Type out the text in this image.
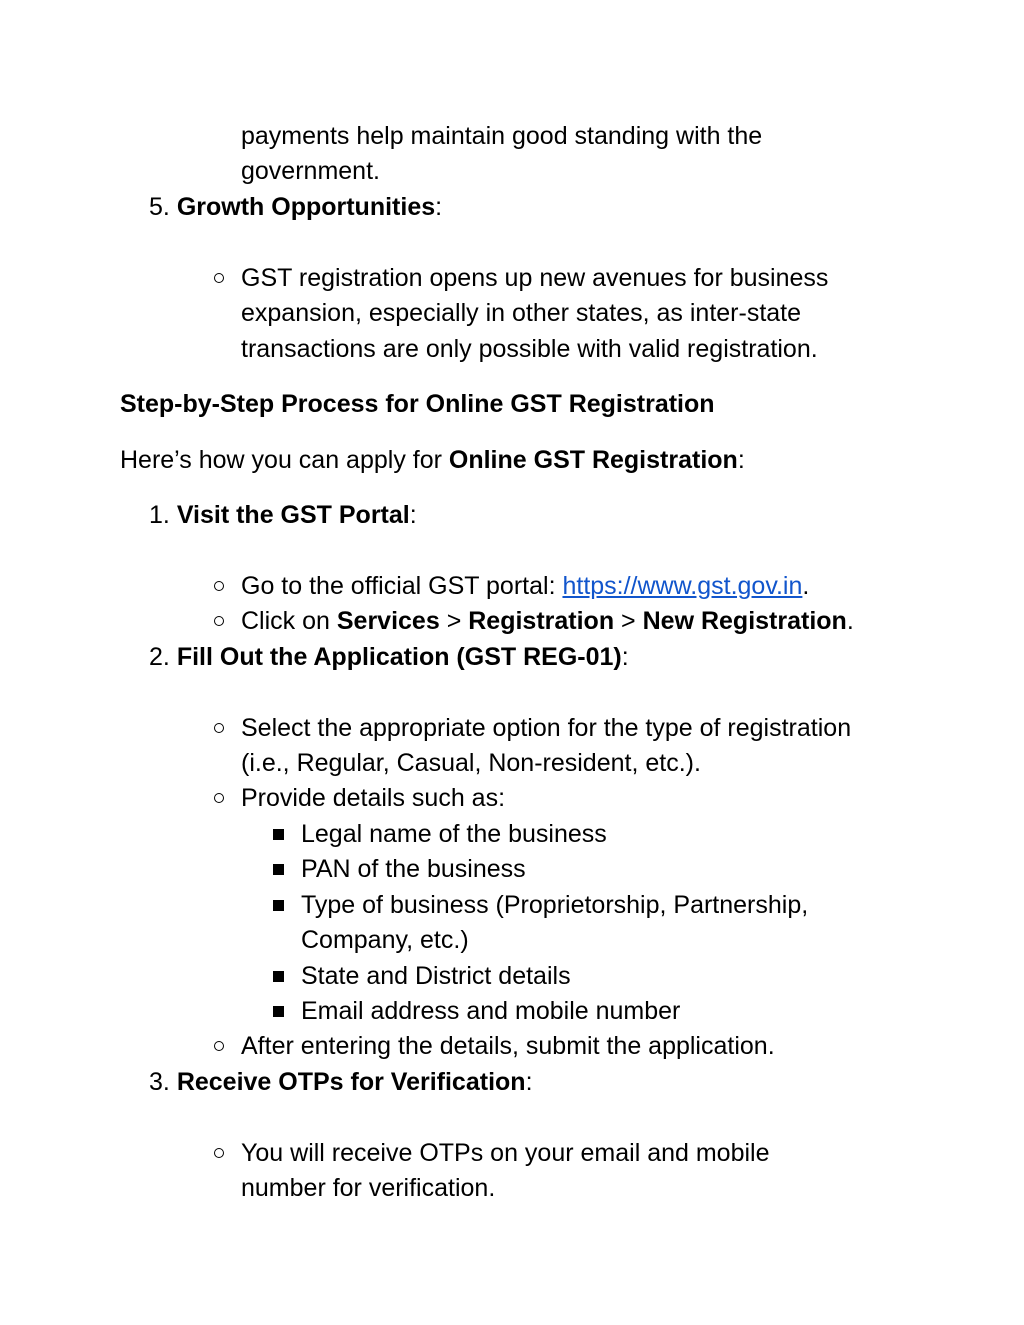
payments help maintain good standing with the
government.
5. Growth Opportunities:
GST registration opens up new avenues for business
expansion, especially in other states, as inter-state
transactions are only possible with valid registration.
Step-by-Step Process for Online GST Registration
Here’s how you can apply for Online GST Registration:
1. Visit the GST Portal:
Go to the official GST portal: https://www.gst.gov.in.
Click on Services > Registration > New Registration.
2. Fill Out the Application (GST REG-01):
Select the appropriate option for the type of registration
(i.e., Regular, Casual, Non-resident, etc.).
Provide details such as:
Legal name of the business
PAN of the business
Type of business (Proprietorship, Partnership,
Company, etc.)
State and District details
Email address and mobile number
After entering the details, submit the application.
3. Receive OTPs for Verification:
You will receive OTPs on your email and mobile
number for verification.
